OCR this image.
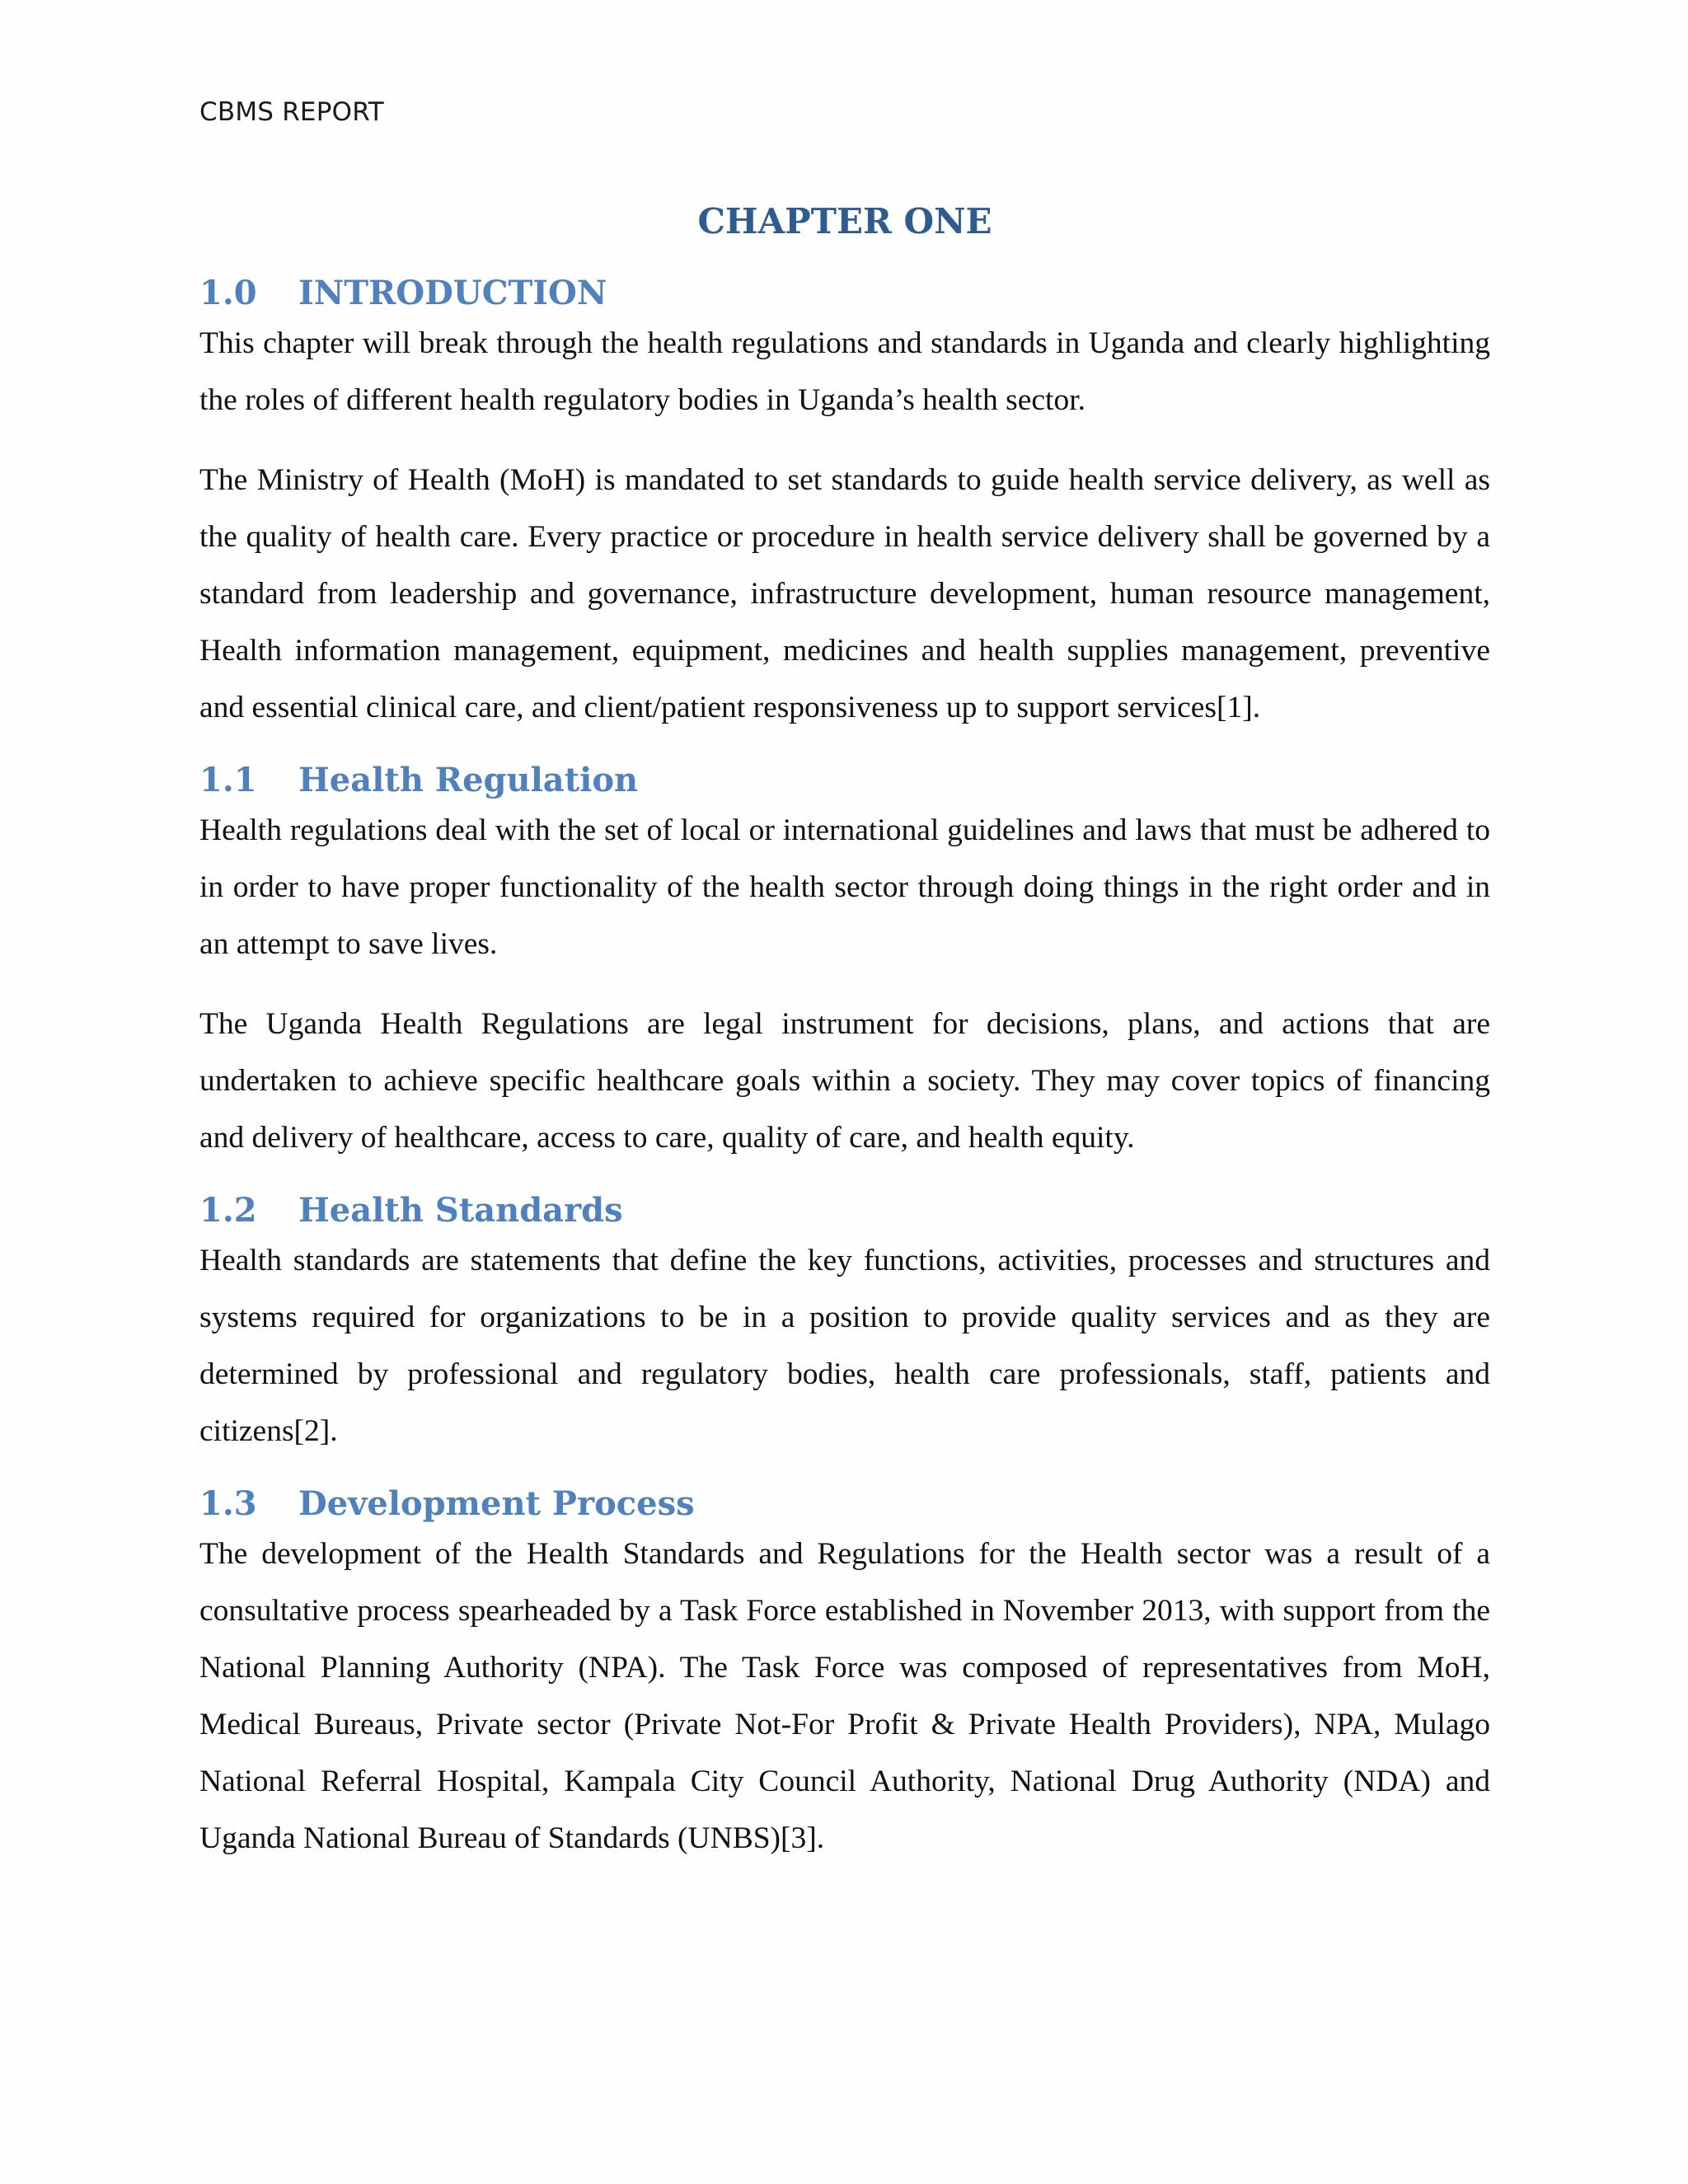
CBMS REPORT
CHAPTER ONE
1.0	INTRODUCTION

This chapter will break through the health regulations and standards in Uganda and clearly highlighting the roles of different health regulatory bodies in Uganda’s health sector.

The Ministry of Health (MoH) is mandated to set standards to guide health service delivery, as well as the quality of health care. Every practice or procedure in health service delivery shall be governed by a standard from leadership and governance, infrastructure development, human resource management, Health information management, equipment, medicines and health supplies management, preventive and essential clinical care, and client/patient responsiveness up to support services[1].

1.1	Health Regulation

Health regulations deal with the set of local or international guidelines and laws that must be adhered to in order to have proper functionality of the health sector through doing things in the right order and in an attempt to save lives.

The Uganda Health Regulations are legal instrument for decisions, plans, and actions that are undertaken to achieve specific healthcare goals within a society. They may cover topics of financing and delivery of healthcare, access to care, quality of care, and health equity.

1.2	Health Standards

Health standards are statements that define the key functions, activities, processes and structures and systems required for organizations to be in a position to provide quality services and as they are determined by professional and regulatory bodies, health care professionals, staff, patients and citizens[2].

1.3	Development Process

The development of the Health Standards and Regulations for the Health sector was a result of a consultative process spearheaded by a Task Force established in November 2013, with support from the National Planning Authority (NPA). The Task Force was composed of representatives from MoH, Medical Bureaus, Private sector (Private Not-For Profit & Private Health Providers), NPA, Mulago National Referral Hospital, Kampala City Council Authority, National Drug Authority (NDA) and Uganda National Bureau of Standards (UNBS)[3].
